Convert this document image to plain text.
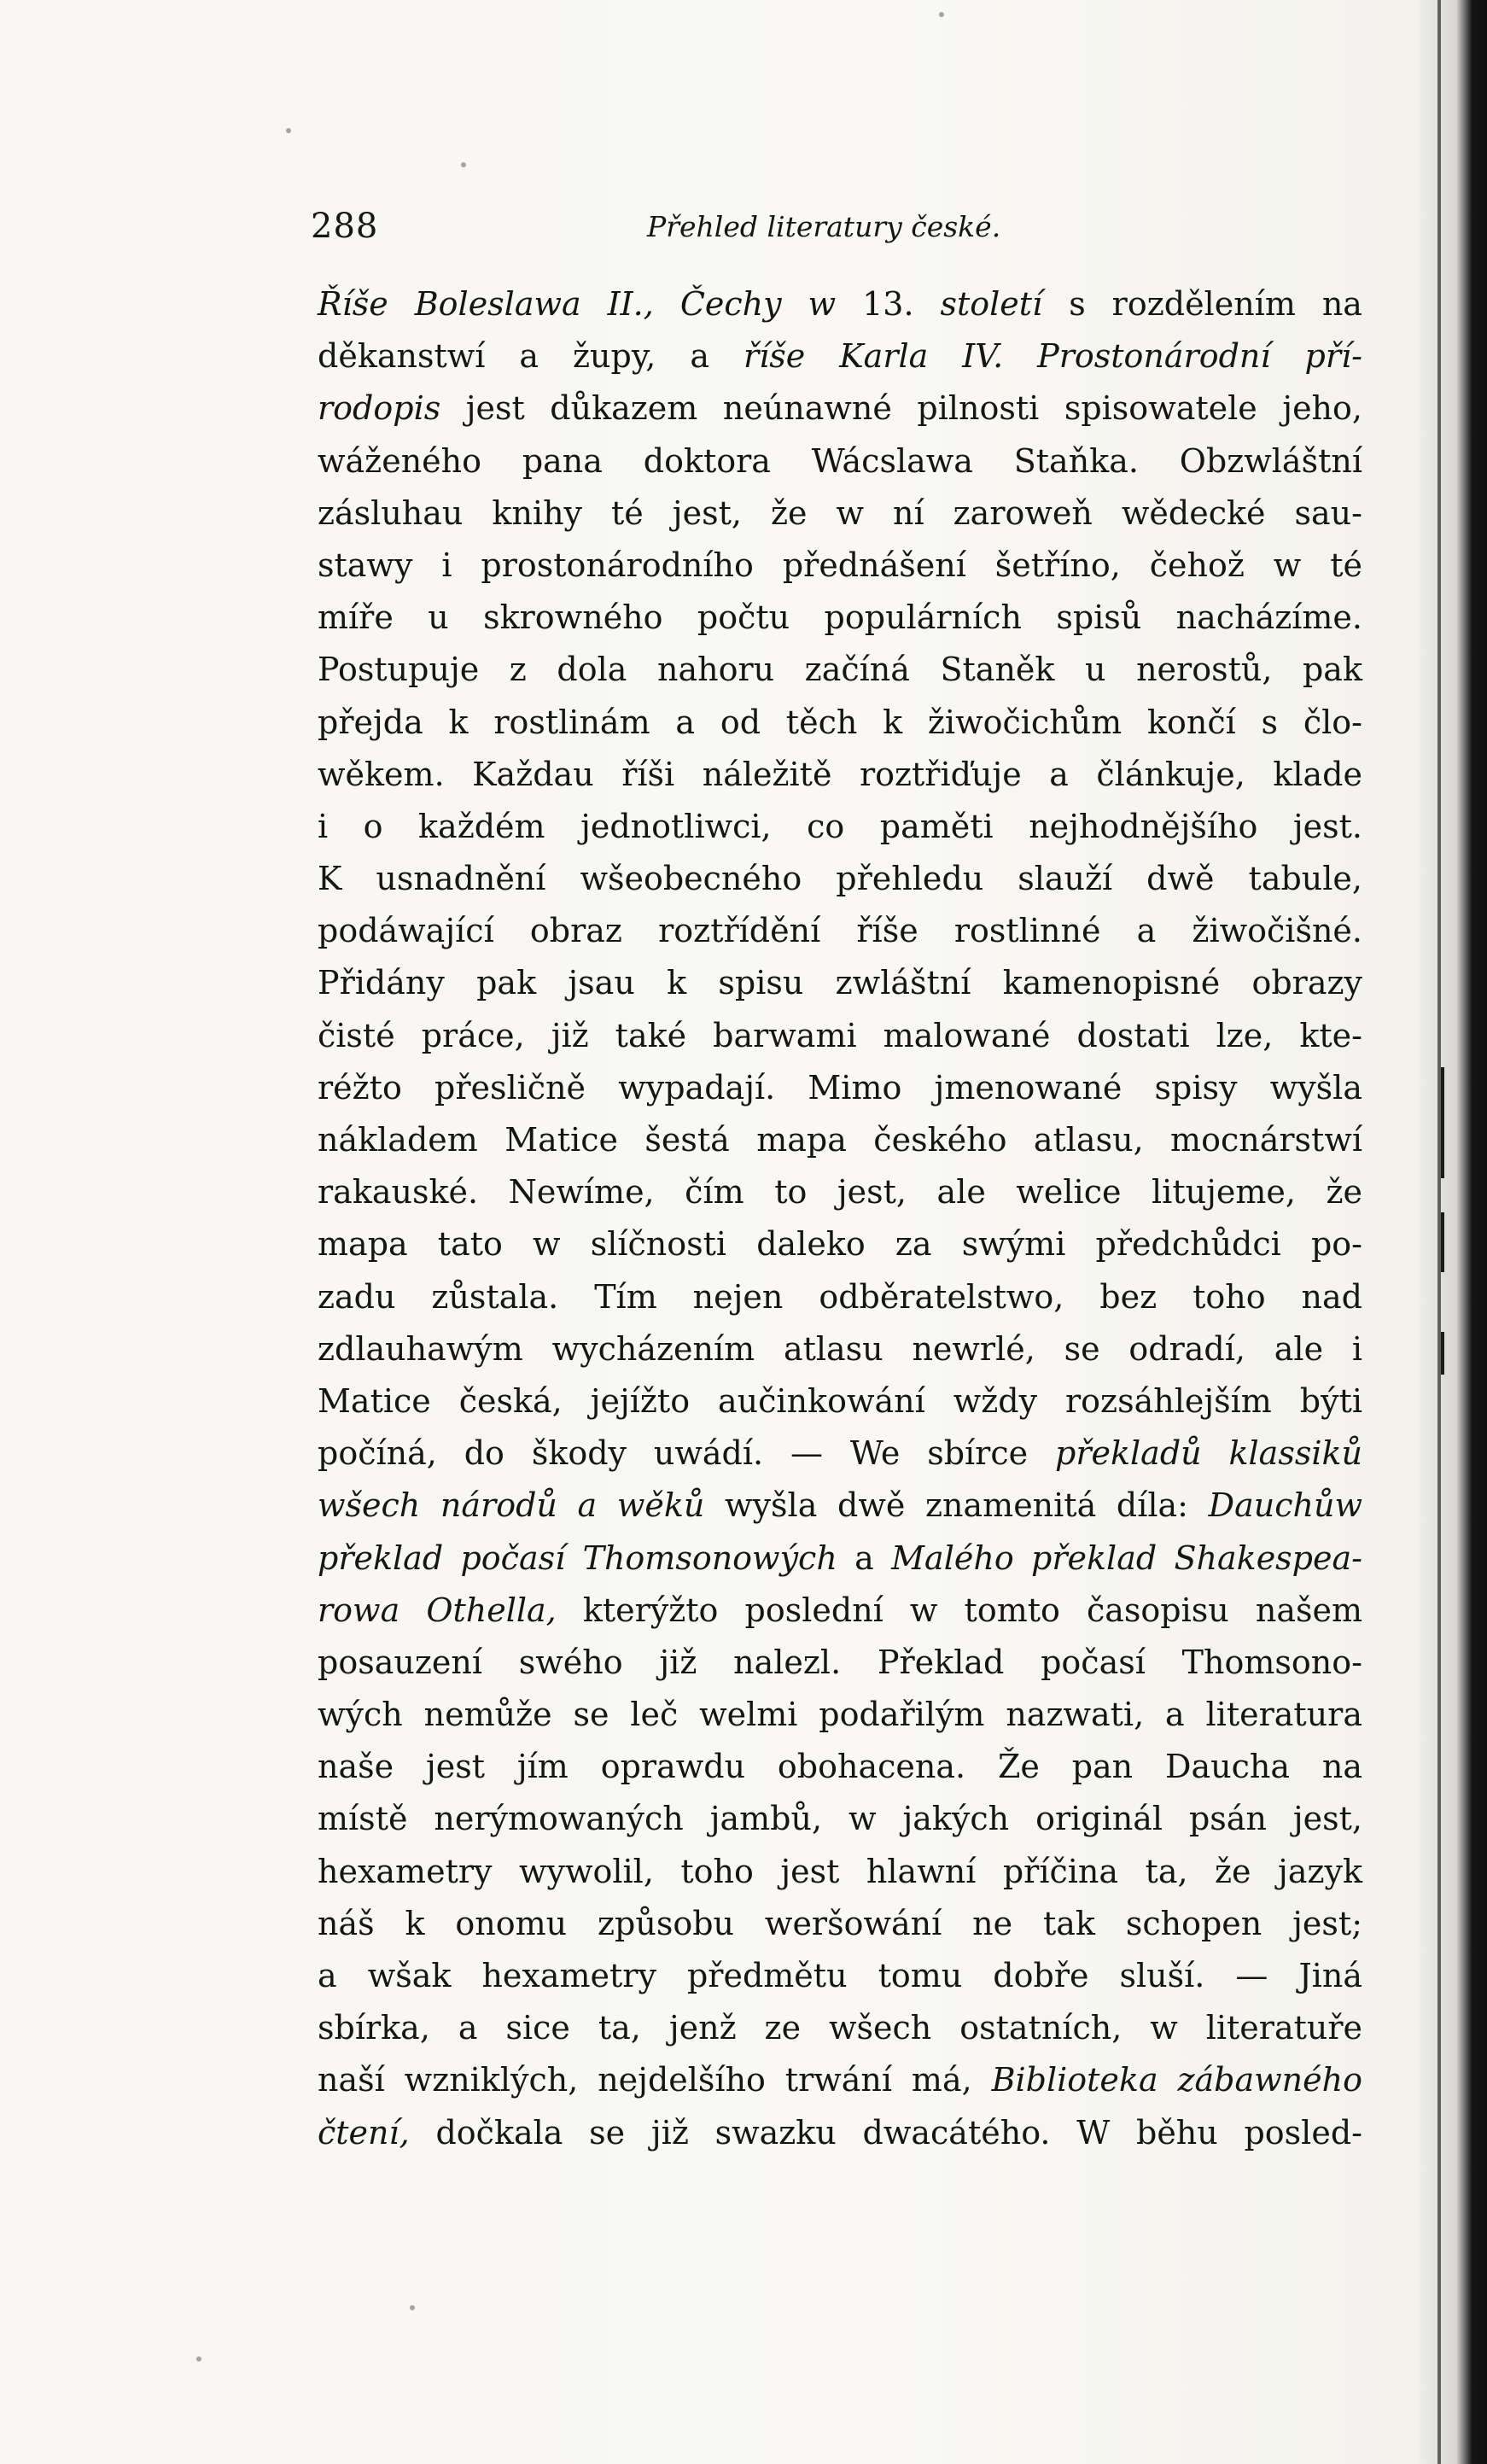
288	Přehled literatury české.
Říše Boleslawa II., Čechy w 13. století s rozdělením na
děkanstwí a župy, a říše Karla IV. Prostonárodní pří-
rodopis jest důkazem neúnawné pilnosti spisowatele jeho,
wáženého pana doktora Wácslawa Staňka. Obzwláštní
zásluhau knihy té jest, že w ní zaroweň wědecké sau-
stawy i prostonárodního přednášení šetříno, čehož w té
míře u skrowného počtu populárních spisů nacházíme.
Postupuje z dola nahoru začíná Staněk u nerostů, pak
přejda k rostlinám a od těch k žiwočichům končí s člo-
wěkem. Každau říši náležitě roztřiďuje a článkuje, klade
i o každém jednotliwci, co paměti nejhodnějšího jest.
K usnadnění wšeobecného přehledu slauží dwě tabule,
podáwající obraz roztřídění říše rostlinné a žiwočišné.
Přidány pak jsau k spisu zwláštní kamenopisné obrazy
čisté práce, již také barwami malowané dostati lze, kte-
réžto přesličně wypadají. Mimo jmenowané spisy wyšla
nákladem Matice šestá mapa českého atlasu, mocnárstwí
rakauské. Newíme, čím to jest, ale welice litujeme, že
mapa tato w slíčnosti daleko za swými předchůdci po-
zadu zůstala. Tím nejen odběratelstwo, bez toho nad
zdlauhawým wycházením atlasu newrlé, se odradí, ale i
Matice česká, jejížto aučinkowání wždy rozsáhlejším býti
počíná, do škody uwádí. — We sbírce překladů klassiků
wšech národů a wěků wyšla dwě znamenitá díla: Dauchůw
překlad počasí Thomsonowých a Malého překlad Shakespea-
rowa Othella, kterýžto poslední w tomto časopisu našem
posauzení swého již nalezl. Překlad počasí Thomsono-
wých nemůže se leč welmi podařilým nazwati, a literatura
naše jest jím oprawdu obohacena. Že pan Daucha na
místě nerýmowaných jambů, w jakých originál psán jest,
hexametry wywolil, toho jest hlawní příčina ta, že jazyk
náš k onomu způsobu weršowání ne tak schopen jest;
a wšak hexametry předmětu tomu dobře sluší. — Jiná
sbírka, a sice ta, jenž ze wšech ostatních, w literatuře
naší wzniklých, nejdelšího trwání má, Biblioteka zábawného
čtení, dočkala se již swazku dwacátého. W běhu posled-
